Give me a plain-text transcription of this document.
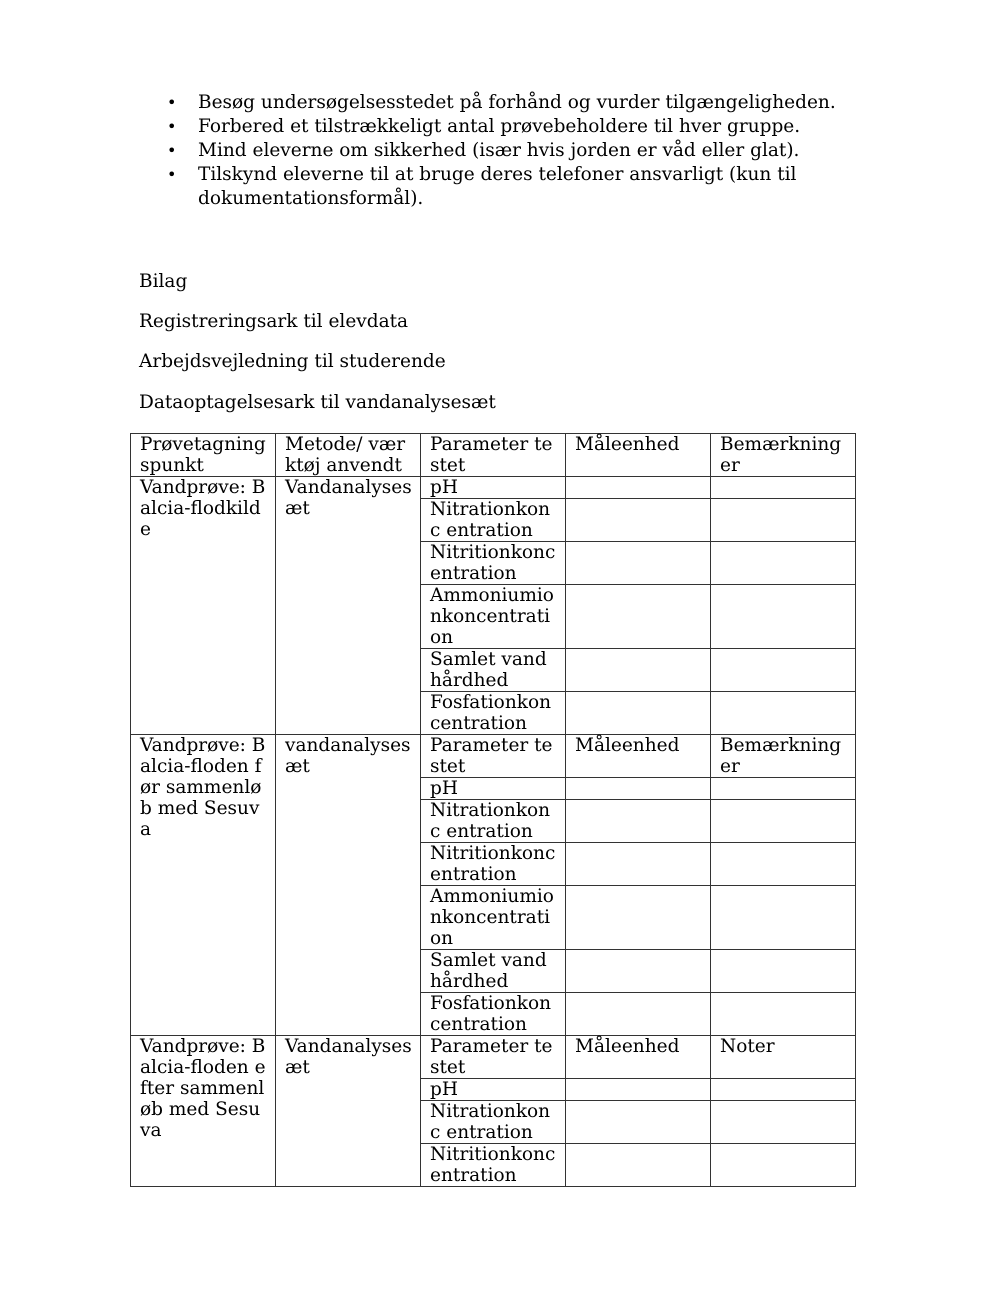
• Besøg undersøgelsesstedet på forhånd og vurder tilgængeligheden.
• Forbered et tilstrækkeligt antal prøvebeholdere til hver gruppe.
• Mind eleverne om sikkerhed (især hvis jorden er våd eller glat).
• Tilskynd eleverne til at bruge deres telefoner ansvarligt (kun til dokumentationsformål).
Bilag
Registreringsark til elevdata
Arbejdsvejledning til studerende
Dataoptagelsesark til vandanalysesæt
Prøvetagning spunkt	Metode/ værktøj anvendt	Parameter testet	Måleenhed	Bemærkning er
Vandprøve: Balcia-flodkilde	Vandanalyses æt	pH		
		Nitrationkonc entration		
		Nitritionkonc entration		
		Ammoniumio nkoncentrati on		
		Samlet vandhårdhed		
		Fosfationkon centration		
Vandprøve: Balcia-floden før sammenløb med Sesuva	vandanalyses æt	Parameter testet	Måleenhed	Bemærkning er
		pH		
		Nitrationkonc entration		
		Nitritionkonc entration		
		Ammoniumio nkoncentrati on		
		Samlet vandhårdhed		
		Fosfationkon centration		
Vandprøve: Balcia-floden efter sammenløb med Sesuva	Vandanalyses æt	Parameter testet	Måleenhed	Noter
		pH		
		Nitrationkonc entration		
		Nitritionkonc entration		
